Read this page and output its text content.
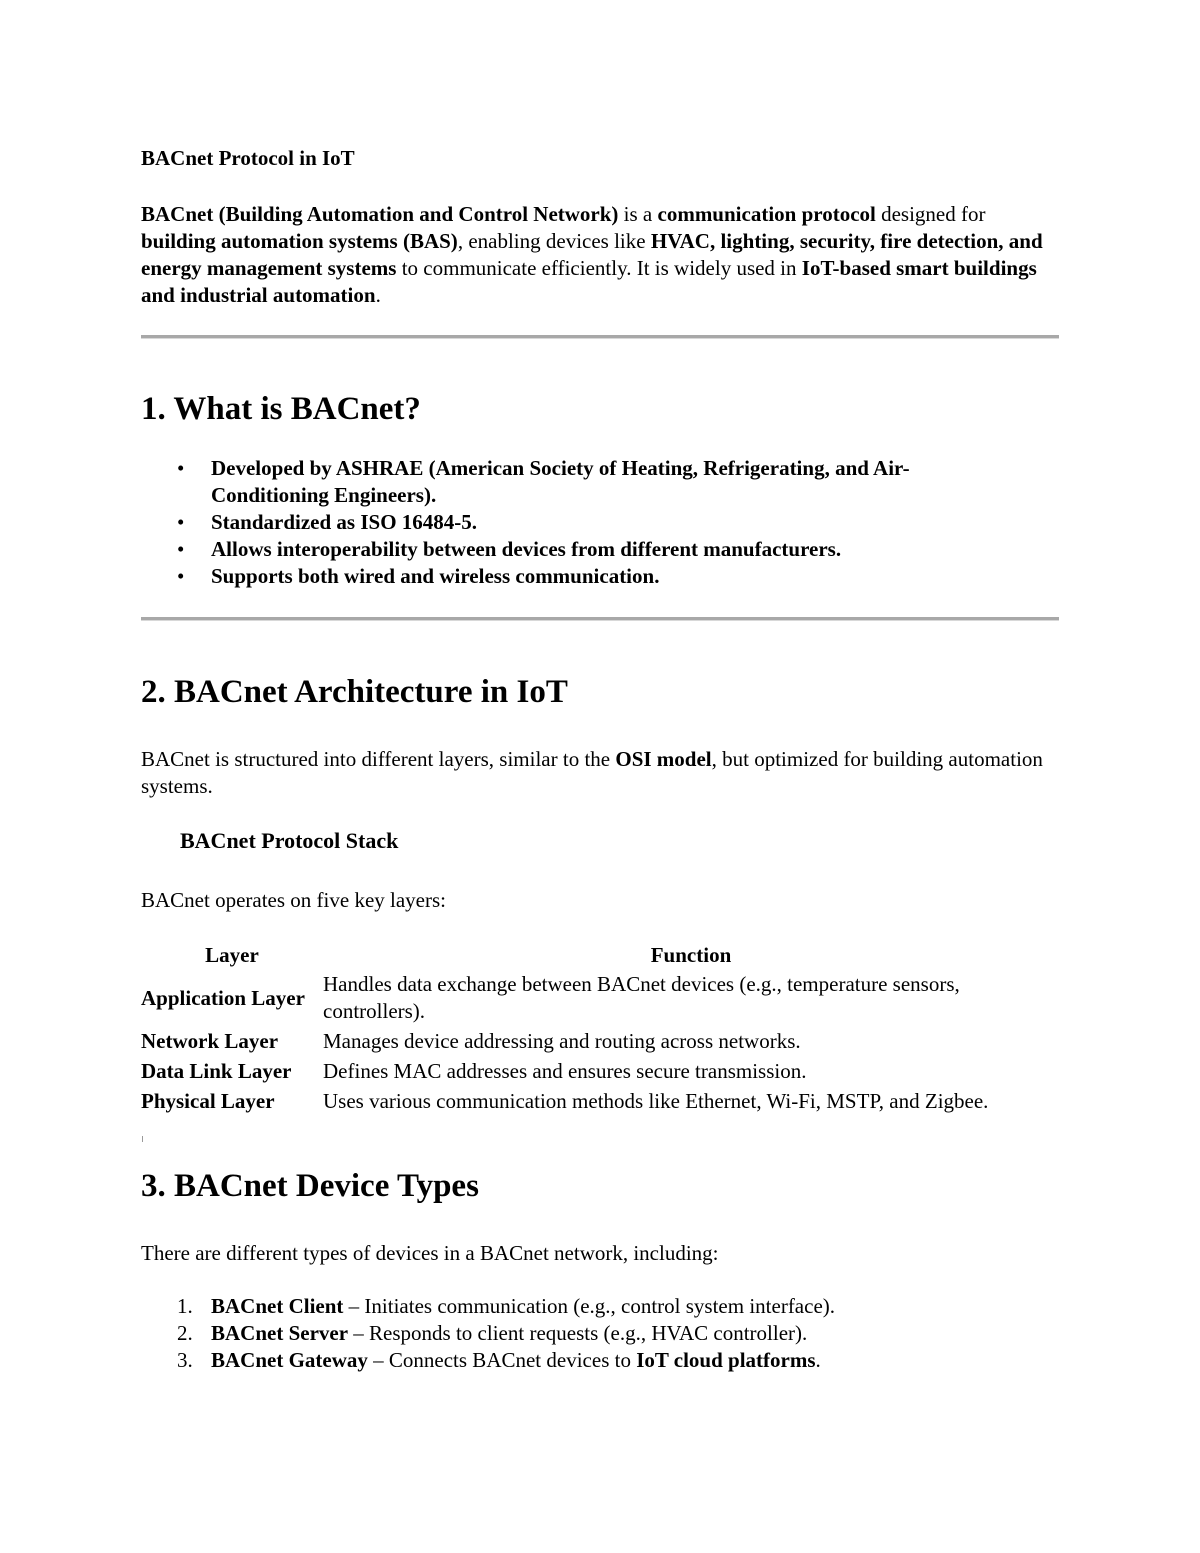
BACnet Protocol in IoT

BACnet (Building Automation and Control Network) is a communication protocol designed for building automation systems (BAS), enabling devices like HVAC, lighting, security, fire detection, and energy management systems to communicate efficiently. It is widely used in IoT-based smart buildings and industrial automation.

1. What is BACnet?

• Developed by ASHRAE (American Society of Heating, Refrigerating, and Air-Conditioning Engineers).
• Standardized as ISO 16484-5.
• Allows interoperability between devices from different manufacturers.
• Supports both wired and wireless communication.

2. BACnet Architecture in IoT

BACnet is structured into different layers, similar to the OSI model, but optimized for building automation systems.

BACnet Protocol Stack

BACnet operates on five key layers:

Layer	Function
Application Layer	Handles data exchange between BACnet devices (e.g., temperature sensors, controllers).
Network Layer	Manages device addressing and routing across networks.
Data Link Layer	Defines MAC addresses and ensures secure transmission.
Physical Layer	Uses various communication methods like Ethernet, Wi-Fi, MSTP, and Zigbee.

3. BACnet Device Types

There are different types of devices in a BACnet network, including:

1. BACnet Client – Initiates communication (e.g., control system interface).
2. BACnet Server – Responds to client requests (e.g., HVAC controller).
3. BACnet Gateway – Connects BACnet devices to IoT cloud platforms.
